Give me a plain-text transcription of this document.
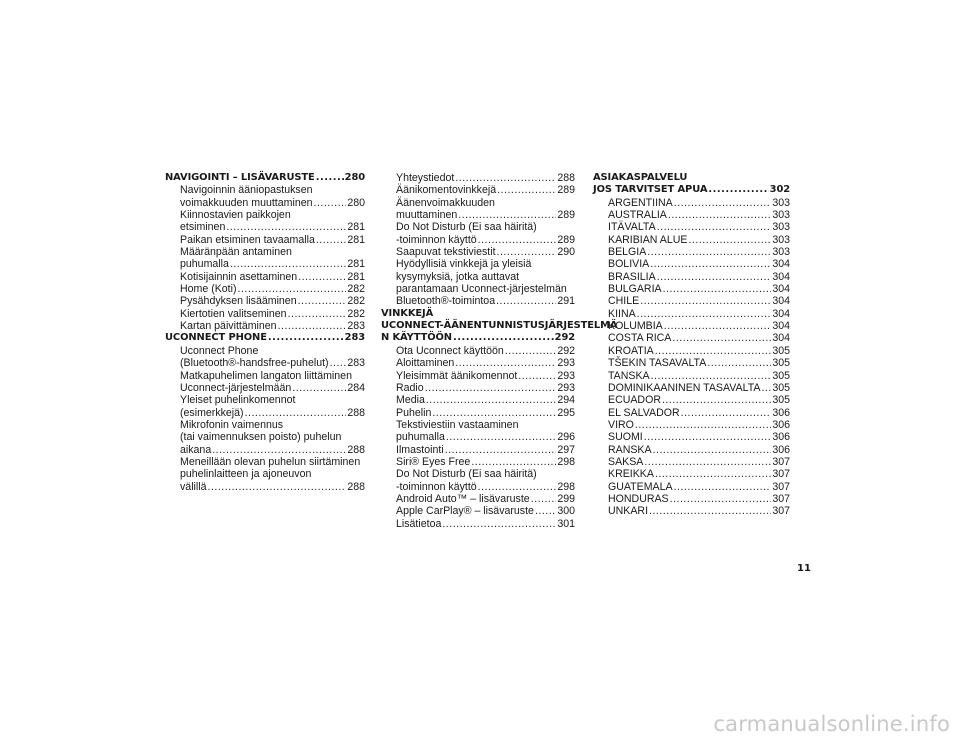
NAVIGOINTI – LISÄVARUSTE .....	280
Navigoinnin ääniopastuksen
voimakkuuden muuttaminen .....	280
Kiinnostavien paikkojen
etsiminen .....	281
Paikan etsiminen tavaamalla .....	281
Määränpään antaminen
puhumalla .....	281
Kotisijainnin asettaminen .....	281
Home (Koti) .....	282
Pysähdyksen lisääminen .....	282
Kiertotien valitseminen .....	282
Kartan päivittäminen .....	283
UCONNECT PHONE .....	283
Uconnect Phone
(Bluetooth®-handsfree-puhelut) ..... 283
Matkapuhelimen langaton liittäminen
Uconnect-järjestelmään .....	284
Yleiset puhelinkomennot
(esimerkkejä) .....	288
Mikrofonin vaimennus
(tai vaimennuksen poisto) puhelun
aikana .....	288
Meneillään olevan puhelun siirtäminen
puhelinlaitteen ja ajoneuvon
välillä .....	288
Yhteystiedot .....	288
Äänikomentovinkkejä .....	289
Äänenvoimakkuuden
muuttaminen .....	289
Do Not Disturb (Ei saa häiritä)
-toiminnon käyttö .....	289
Saapuvat tekstiviestit .....	290
Hyödyllisiä vinkkejä ja yleisiä
kysymyksiä, jotka auttavat
parantamaan Uconnect-järjestelmän
Bluetooth®-toimintoa .....	291
VINKKEJÄ
UCONNECT-ÄÄNENTUNNISTUSJÄRJESTELMÄ
N KÄYTTÖÖN .....	292
Ota Uconnect käyttöön .....	292
Aloittaminen .....	293
Yleisimmät äänikomennot .....	293
Radio .....	293
Media .....	294
Puhelin .....	295
Tekstiviestiin vastaaminen
puhumalla .....	296
Ilmastointi .....	297
Siri® Eyes Free .....	298
Do Not Disturb (Ei saa häiritä)
-toiminnon käyttö .....	298
Android Auto™ – lisävaruste .....	299
Apple CarPlay® – lisävaruste ..... 300
Lisätietoa .....	301
ASIAKASPALVELU
JOS TARVITSET APUA .....	302
ARGENTIINA .....	303
AUSTRALIA .....	303
ITÄVALTA .....	303
KARIBIAN ALUE .....	303
BELGIA .....	303
BOLIVIA .....	304
BRASILIA .....	304
BULGARIA .....	304
CHILE .....	304
KIINA .....	304
KOLUMBIA .....	304
COSTA RICA .....	304
KROATIA .....	305
TŠEKIN TASAVALTA .....	305
TANSKA .....	305
DOMINIKAANINEN TASAVALTA ..... 305
ECUADOR .....	305
EL SALVADOR .....	306
VIRO .....	306
SUOMI .....	306
RANSKA .....	306
SAKSA .....	307
KREIKKA .....	307
GUATEMALA .....	307
HONDURAS .....	307
UNKARI .....	307
11
carmanualsonline.info
